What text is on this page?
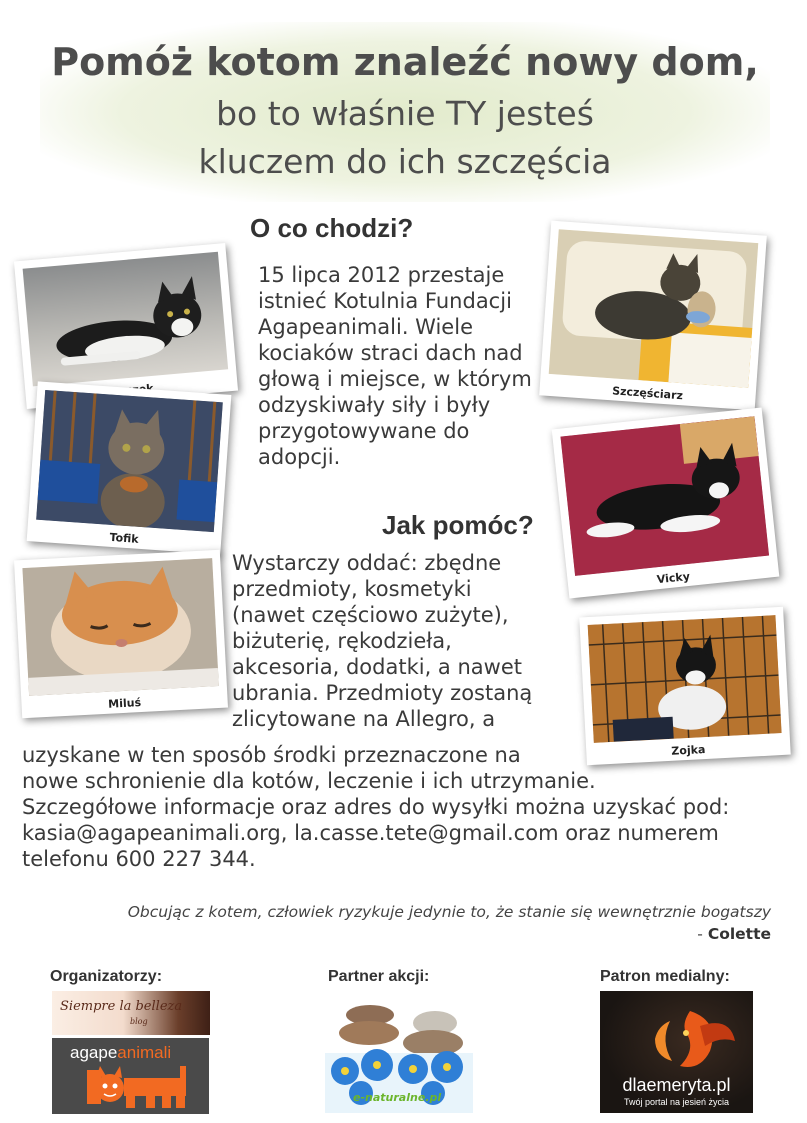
Pomóż kotom znaleźć nowy dom,
bo to właśnie TY jesteś
kluczem do ich szczęścia
O co chodzi?
15 lipca 2012 przestaje
istnieć Kotulnia Fundacji
Agapeanimali. Wiele
kociaków straci dach nad
głową i miejsce, w którym
odzyskiwały siły i były
przygotowywane do
adopcji.
Jak pomóc?
Wystarczy oddać: zbędne
przedmioty, kosmetyki
(nawet częściowo zużyte),
biżuterię, rękodzieła,
akcesoria, dodatki, a nawet
ubrania. Przedmioty zostaną
zlicytowane na Allegro, a
uzyskane w ten sposób środki przeznaczone na
nowe schronienie dla kotów, leczenie i ich utrzymanie.
Szczegółowe informacje oraz adres do wysyłki można uzyskać pod:
kasia@agapeanimali.org, la.casse.tete@gmail.com oraz numerem
telefonu 600 227 344.
Szczęściarz
Tofik
Vicky
Miluś
Zojka
Obcując z kotem, człowiek ryzykuje jedynie to, że stanie się wewnętrznie bogatszy
- Colette
Organizatorzy:	Partner akcji:	Patron medialny:
Siempre la belleza
blog
agapeanimali
e-naturalne.pl
dlaemeryta.pl
Twój portal na jesień życia
